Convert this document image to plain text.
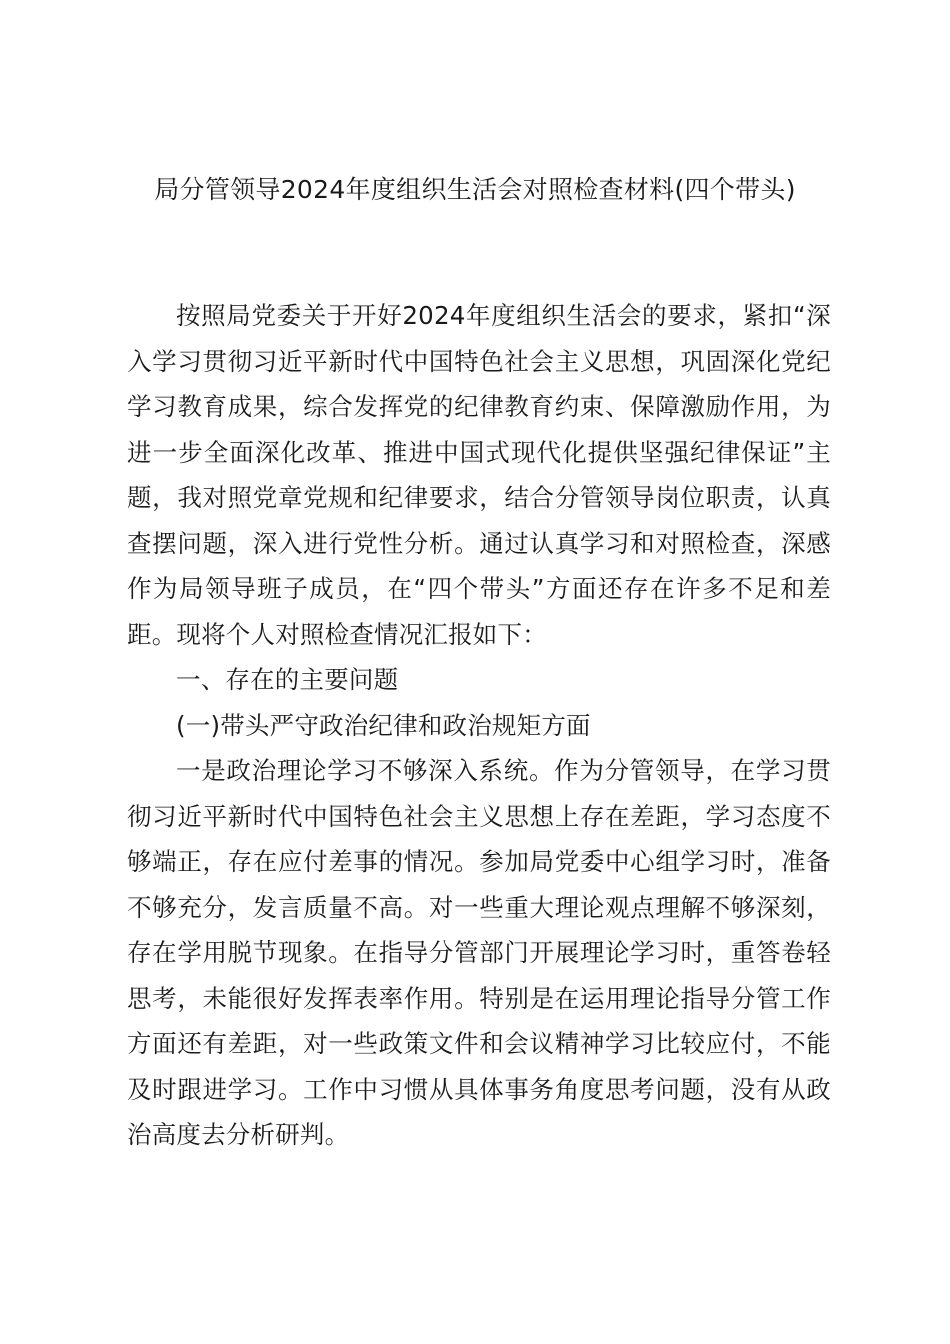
局分管领导2024年度组织生活会对照检查材料(四个带头)

按照局党委关于开好2024年度组织生活会的要求，紧扣“深入学习贯彻习近平新时代中国特色社会主义思想，巩固深化党纪学习教育成果，综合发挥党的纪律教育约束、保障激励作用，为进一步全面深化改革、推进中国式现代化提供坚强纪律保证”主题，我对照党章党规和纪律要求，结合分管领导岗位职责，认真查摆问题，深入进行党性分析。通过认真学习和对照检查，深感作为局领导班子成员，在“四个带头”方面还存在许多不足和差距。现将个人对照检查情况汇报如下：

一、存在的主要问题

(一)带头严守政治纪律和政治规矩方面

一是政治理论学习不够深入系统。作为分管领导，在学习贯彻习近平新时代中国特色社会主义思想上存在差距，学习态度不够端正，存在应付差事的情况。参加局党委中心组学习时，准备不够充分，发言质量不高。对一些重大理论观点理解不够深刻，存在学用脱节现象。在指导分管部门开展理论学习时，重答卷轻思考，未能很好发挥表率作用。特别是在运用理论指导分管工作方面还有差距，对一些政策文件和会议精神学习比较应付，不能及时跟进学习。工作中习惯从具体事务角度思考问题，没有从政治高度去分析研判。
